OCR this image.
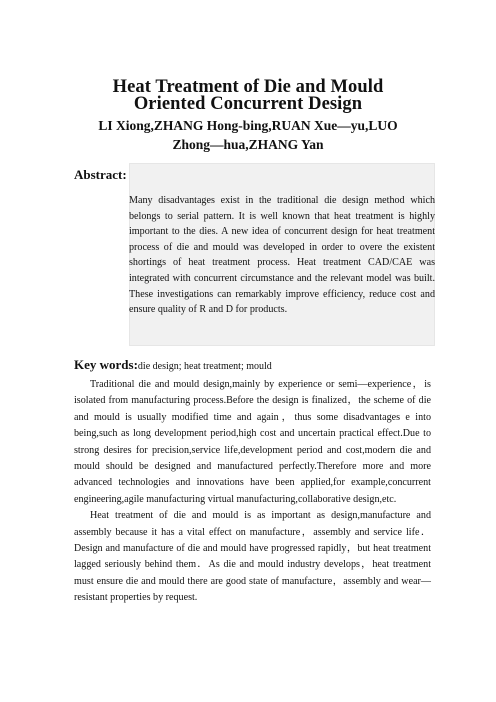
Heat Treatment of Die and Mould
Oriented Concurrent Design
LI Xiong,ZHANG Hong-bing,RUAN Xue—yu,LUO
Zhong—hua,ZHANG Yan
Abstract:
Many disadvantages exist in the traditional die design method which belongs to serial pattern. It is well known that heat treatment is highly important to the dies. A new idea of concurrent design for heat treatment process of die and mould was developed in order to overe the existent shortings of heat treatment process. Heat treatment CAD/CAE was integrated with concurrent circumstance and the relevant model was built. These investigations can remarkably improve efficiency, reduce cost and ensure quality of R and D for products.
Key words:die design; heat treatment; mould

Traditional die and mould design,mainly by experience or semi—experience，is isolated from manufacturing process.Before the design is finalized，the scheme of die and mould is usually modified time and again，thus some disadvantages e into being,such as long development period,high cost and uncertain practical effect.Due to strong desires for precision,service life,development period and cost,modern die and mould should be designed and manufactured perfectly.Therefore more and more advanced technologies and innovations have been applied,for example,concurrent engineering,agile manufacturing virtual manufacturing,collaborative design,etc.

Heat treatment of die and mould is as important as design,manufacture and assembly because it has a vital effect on manufacture，assembly and service life．Design and manufacture of die and mould have progressed rapidly，but heat treatment lagged seriously behind them．As die and mould industry develops，heat treatment must ensure die and mould there are good state of manufacture，assembly and wear—resistant properties by request.
